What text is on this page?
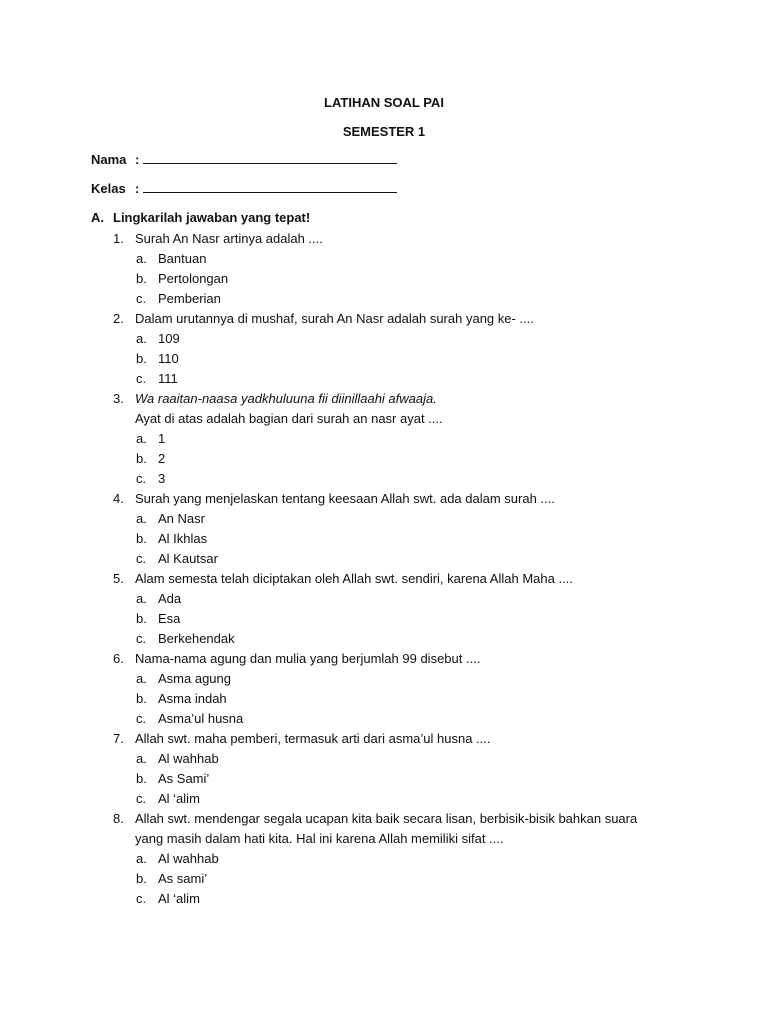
LATIHAN SOAL PAI
SEMESTER 1
Nama :
Kelas :
A. Lingkarilah jawaban yang tepat!
1. Surah An Nasr artinya adalah ....
a. Bantuan
b. Pertolongan
c. Pemberian
2. Dalam urutannya di mushaf, surah An Nasr adalah surah yang ke- ....
a. 109
b. 110
c. 111
3. Wa raaitan-naasa yadkhuluuna fii diinillaahi afwaaja.
Ayat di atas adalah bagian dari surah an nasr ayat ....
a. 1
b. 2
c. 3
4. Surah yang menjelaskan tentang keesaan Allah swt. ada dalam surah ....
a. An Nasr
b. Al Ikhlas
c. Al Kautsar
5. Alam semesta telah diciptakan oleh Allah swt. sendiri, karena Allah Maha ....
a. Ada
b. Esa
c. Berkehendak
6. Nama-nama agung dan mulia yang berjumlah 99 disebut ....
a. Asma agung
b. Asma indah
c. Asma’ul husna
7. Allah swt. maha pemberi, termasuk arti dari asma’ul husna ....
a. Al wahhab
b. As Sami’
c. Al ‘alim
8. Allah swt. mendengar segala ucapan kita baik secara lisan, berbisik-bisik bahkan suara yang masih dalam hati kita. Hal ini karena Allah memiliki sifat ....
a. Al wahhab
b. As sami’
c. Al ‘alim
